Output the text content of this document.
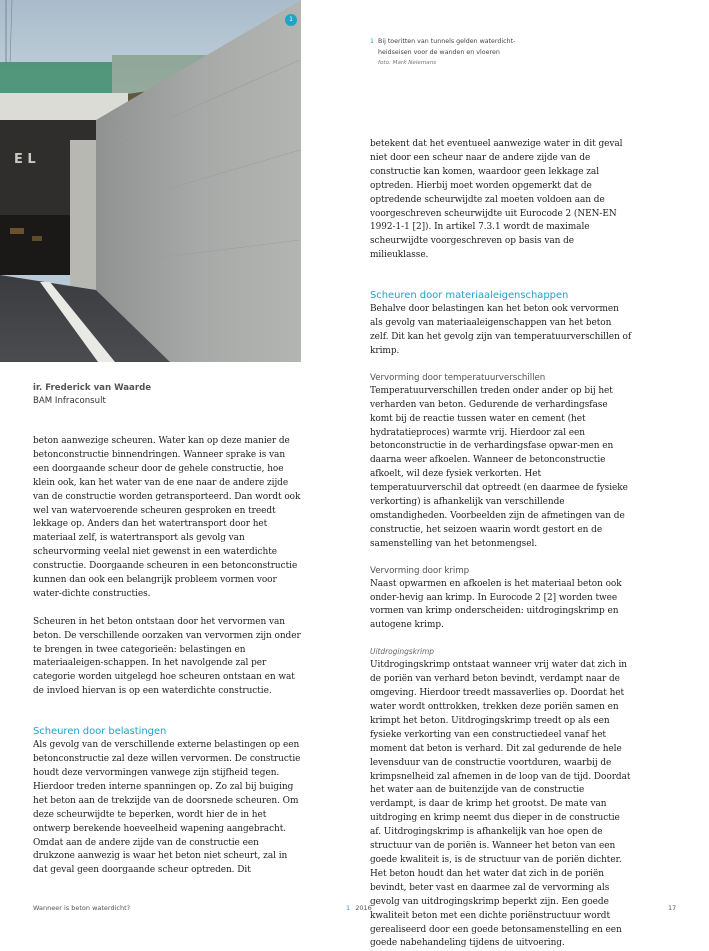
E L
1
1 Bij toeritten van tunnels gelden waterdicht-
heidseisen voor de wanden en vloeren
foto: Mark Nelemans
ir. Frederick van Waarde
BAM Infraconsult

beton aanwezige scheuren. Water kan op deze manier de betonconstructie binnendringen. Wanneer sprake is van een doorgaande scheur door de gehele constructie, hoe klein ook, kan het water van de ene naar de andere zijde van de constructie worden getransporteerd. Dan wordt ook wel van watervoerende scheuren gesproken en treedt lekkage op. Anders dan het watertransport door het materiaal zelf, is watertransport als gevolg van scheurvorming veelal niet gewenst in een waterdichte constructie. Doorgaande scheuren in een betonconstructie kunnen dan ook een belangrijk probleem vormen voor water-dichte constructies.

Scheuren in het beton ontstaan door het vervormen van beton. De verschillende oorzaken van vervormen zijn onder te brengen in twee categorieën: belastingen en materiaaleigen-schappen. In het navolgende zal per categorie worden uitgelegd hoe scheuren ontstaan en wat de invloed hiervan is op een waterdichte constructie.

Scheuren door belastingen

Als gevolg van de verschillende externe belastingen op een betonconstructie zal deze willen vervormen. De constructie houdt deze vervormingen vanwege zijn stijfheid tegen. Hierdoor treden interne spanningen op. Zo zal bij buiging het beton aan de trekzijde van de doorsnede scheuren. Om deze scheurwijdte te beperken, wordt hier de in het ontwerp berekende hoeveelheid wapening aangebracht. Omdat aan de andere zijde van de constructie een drukzone aanwezig is waar het beton niet scheurt, zal in dat geval geen doorgaande scheur optreden. Dit

betekent dat het eventueel aanwezige water in dit geval niet door een scheur naar de andere zijde van de constructie kan komen, waardoor geen lekkage zal optreden. Hierbij moet worden opgemerkt dat de optredende scheurwijdte zal moeten voldoen aan de voorgeschreven scheurwijdte uit Eurocode 2 (NEN-EN 1992-1-1 [2]). In artikel 7.3.1 wordt de maximale scheurwijdte voorgeschreven op basis van de milieuklasse.

Scheuren door materiaaleigenschappen

Behalve door belastingen kan het beton ook vervormen als gevolg van materiaaleigenschappen van het beton zelf. Dit kan het gevolg zijn van temperatuurverschillen of krimp.

Vervorming door temperatuurverschillen

Temperatuurverschillen treden onder ander op bij het verharden van beton. Gedurende de verhardingsfase komt bij de reactie tussen water en cement (het hydratatieproces) warmte vrij. Hierdoor zal een betonconstructie in de verhardingsfase opwar-men en daarna weer afkoelen. Wanneer de betonconstructie afkoelt, wil deze fysiek verkorten. Het temperatuurverschil dat optreedt (en daarmee de fysieke verkorting) is afhankelijk van verschillende omstandigheden. Voorbeelden zijn de afmetingen van de constructie, het seizoen waarin wordt gestort en de samenstelling van het betonmengsel.

Vervorming door krimp

Naast opwarmen en afkoelen is het materiaal beton ook onder-hevig aan krimp. In Eurocode 2 [2] worden twee vormen van krimp onderscheiden: uitdrogingskrimp en autogene krimp.

Uitdrogingskrimp

Uitdrogingskrimp ontstaat wanneer vrij water dat zich in de poriën van verhard beton bevindt, verdampt naar de omgeving. Hierdoor treedt massaverlies op. Doordat het water wordt onttrokken, trekken deze poriën samen en krimpt het beton. Uitdrogingskrimp treedt op als een fysieke verkorting van een constructiedeel vanaf het moment dat beton is verhard. Dit zal gedurende de hele levensduur van de constructie voortduren, waarbij de krimpsnelheid zal afnemen in de loop van de tijd. Doordat het water aan de buitenzijde van de constructie verdampt, is daar de krimp het grootst. De mate van uitdroging en krimp neemt dus dieper in de constructie af. Uitdrogingskrimp is afhankelijk van hoe open de structuur van de poriën is. Wanneer het beton van een goede kwaliteit is, is de structuur van de poriën dichter. Het beton houdt dan het water dat zich in de poriën bevindt, beter vast en daarmee zal de vervorming als gevolg van uitdrogingskrimp beperkt zijn. Een goede kwaliteit beton met een dichte poriënstructuur wordt gerealiseerd door een goede betonsamenstelling en een goede nabehandeling tijdens de uitvoering.

Wanneer is beton waterdicht?	1 2016	17
